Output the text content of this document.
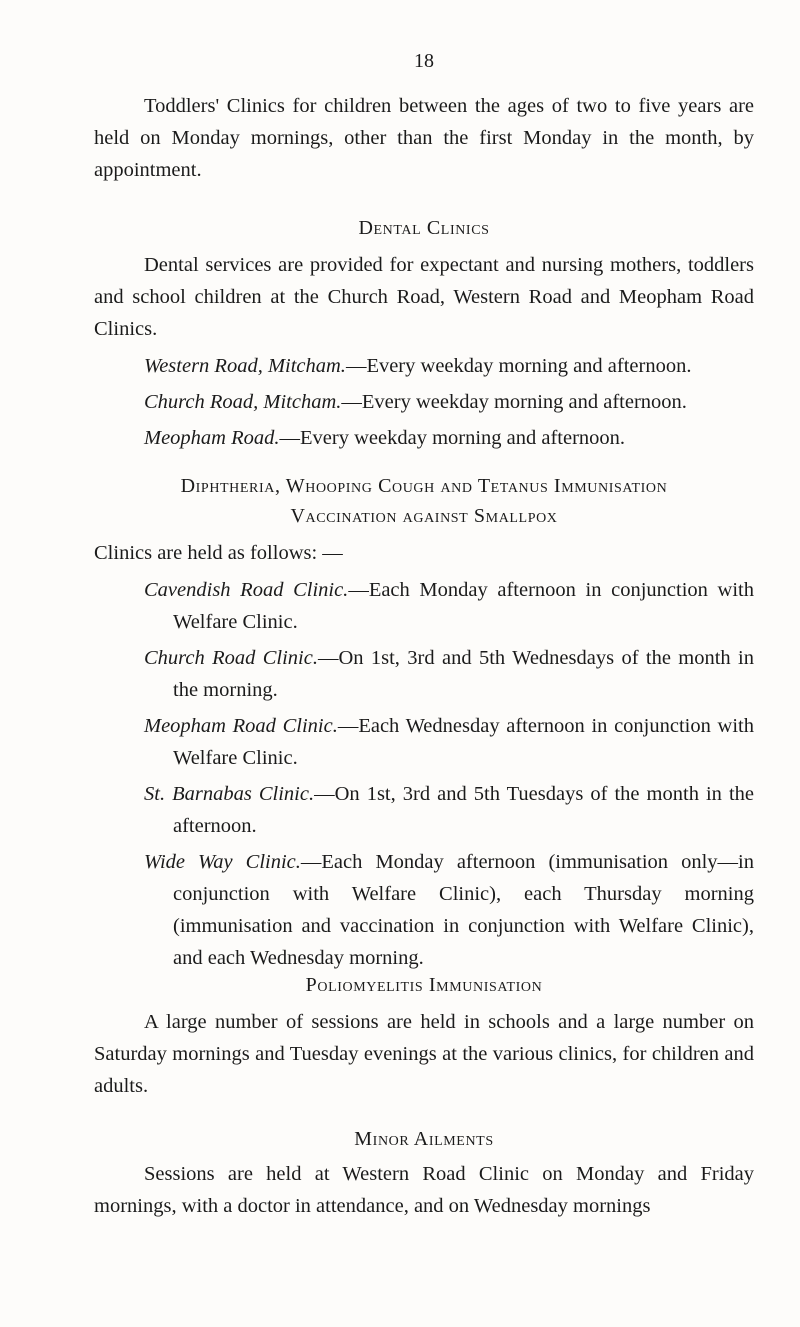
18

Toddlers' Clinics for children between the ages of two to five years are held on Monday mornings, other than the first Monday in the month, by appointment.

Dental Clinics

Dental services are provided for expectant and nursing mothers, toddlers and school children at the Church Road, Western Road and Meopham Road Clinics.

Western Road, Mitcham.—Every weekday morning and afternoon.

Church Road, Mitcham.—Every weekday morning and afternoon.

Meopham Road.—Every weekday morning and afternoon.

Diphtheria, Whooping Cough and Tetanus Immunisation
Vaccination against Smallpox

Clinics are held as follows: —

Cavendish Road Clinic.—Each Monday afternoon in conjunction with Welfare Clinic.

Church Road Clinic.—On 1st, 3rd and 5th Wednesdays of the month in the morning.

Meopham Road Clinic.—Each Wednesday afternoon in conjunction with Welfare Clinic.

St. Barnabas Clinic.—On 1st, 3rd and 5th Tuesdays of the month in the afternoon.

Wide Way Clinic.—Each Monday afternoon (immunisation only—in conjunction with Welfare Clinic), each Thursday morning (immunisation and vaccination in conjunction with Welfare Clinic), and each Wednesday morning.

Poliomyelitis Immunisation

A large number of sessions are held in schools and a large number on Saturday mornings and Tuesday evenings at the various clinics, for children and adults.

Minor Ailments

Sessions are held at Western Road Clinic on Monday and Friday mornings, with a doctor in attendance, and on Wednesday mornings
